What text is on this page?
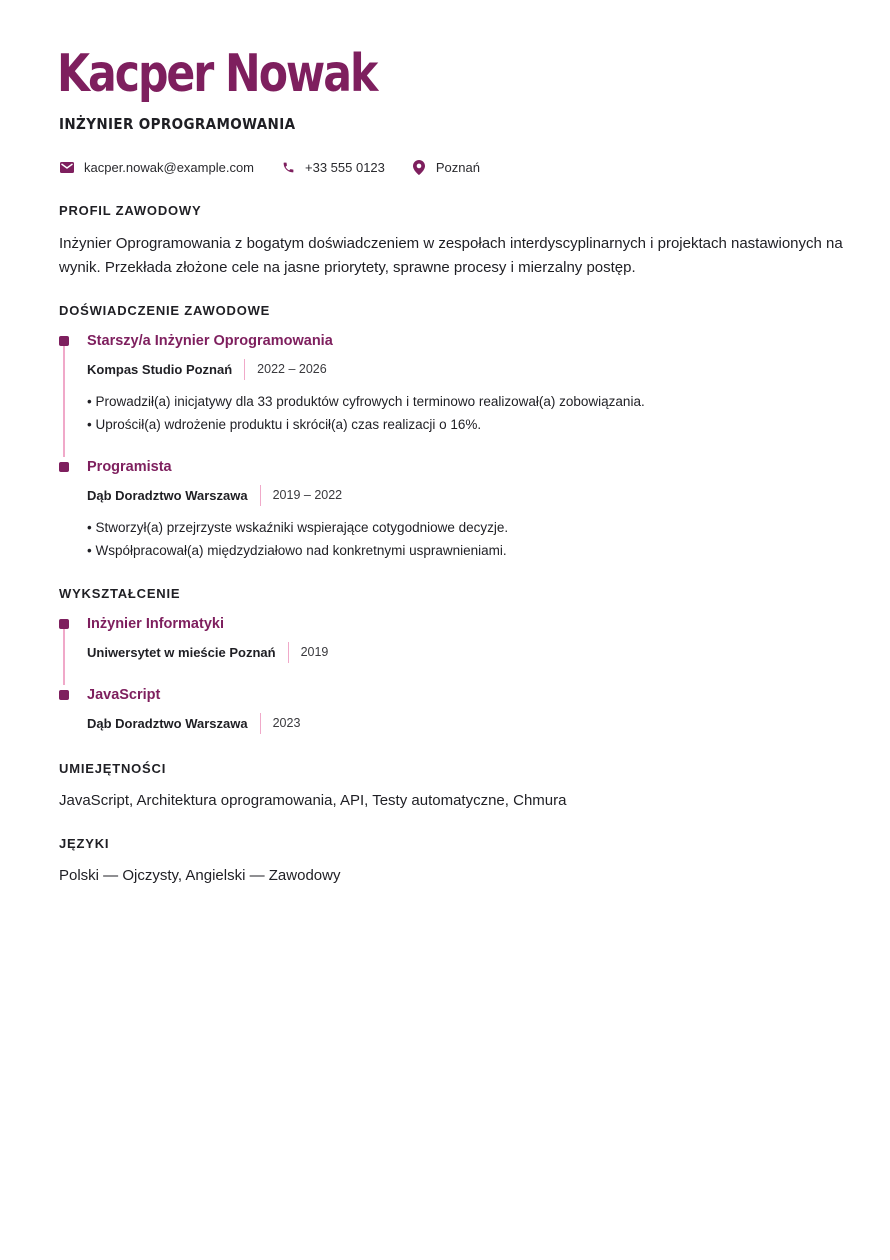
Kacper Nowak
INŻYNIER OPROGRAMOWANIA
kacper.nowak@example.com	+33 555 0123	Poznań
PROFIL ZAWODOWY

Inżynier Oprogramowania z bogatym doświadczeniem w zespołach interdyscyplinarnych i projektach nastawionych na wynik. Przekłada złożone cele na jasne priorytety, sprawne procesy i mierzalny postęp.

DOŚWIADCZENIE ZAWODOWE
Starszy/a Inżynier Oprogramowania
Kompas Studio Poznań 2022 – 2026
• Prowadził(a) inicjatywy dla 33 produktów cyfrowych i terminowo realizował(a) zobowiązania.
• Uprościł(a) wdrożenie produktu i skrócił(a) czas realizacji o 16%.
Programista
Dąb Doradztwo Warszawa 2019 – 2022
• Stworzył(a) przejrzyste wskaźniki wspierające cotygodniowe decyzje.
• Współpracował(a) międzydziałowo nad konkretnymi usprawnieniami.
WYKSZTAŁCENIE
Inżynier Informatyki
Uniwersytet w mieście Poznań 2019
JavaScript
Dąb Doradztwo Warszawa 2023
UMIEJĘTNOŚCI

JavaScript, Architektura oprogramowania, API, Testy automatyczne, Chmura

JĘZYKI

Polski — Ojczysty, Angielski — Zawodowy
